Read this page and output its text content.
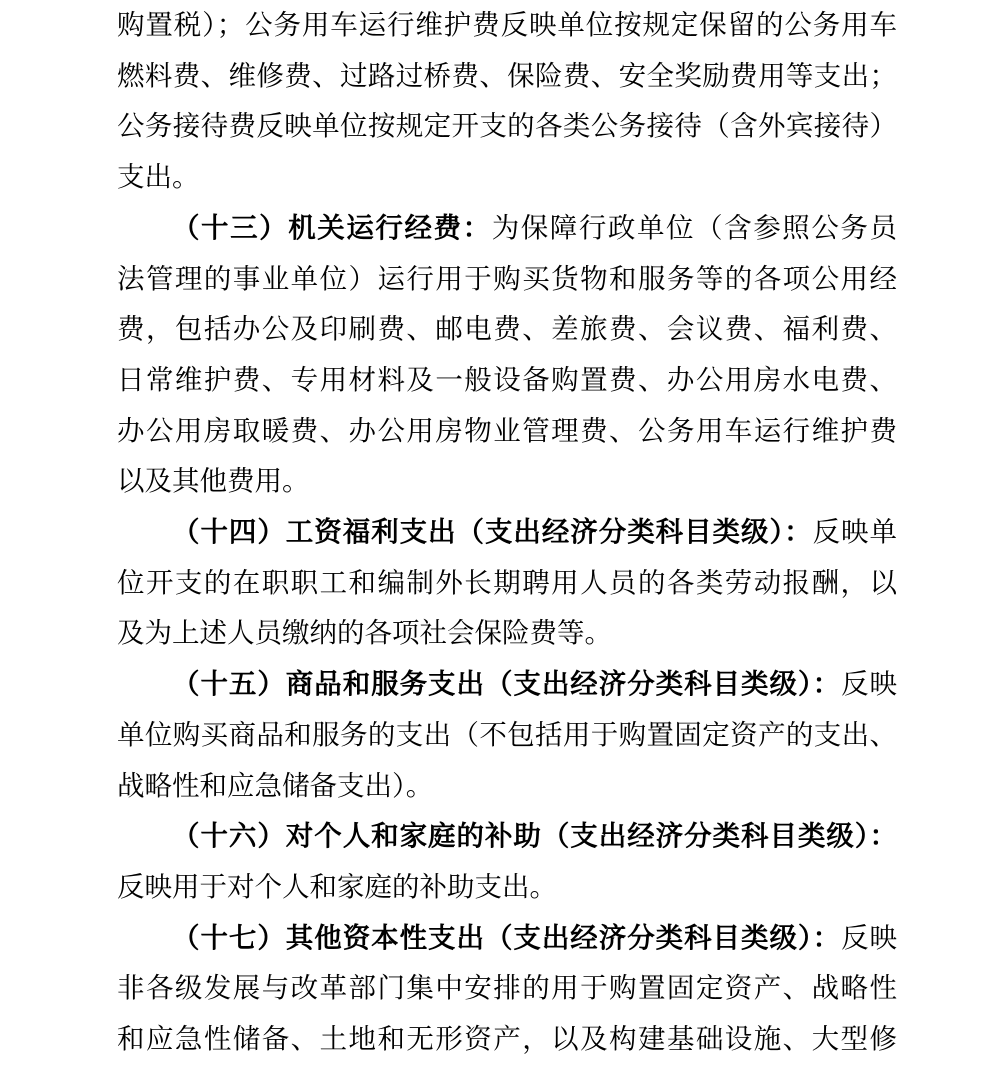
购置税）；公务用车运行维护费反映单位按规定保留的公务用车
燃料费、维修费、过路过桥费、保险费、安全奖励费用等支出；
公务接待费反映单位按规定开支的各类公务接待（含外宾接待）
支出。
（十三）机关运行经费：为保障行政单位（含参照公务员
法管理的事业单位）运行用于购买货物和服务等的各项公用经
费，包括办公及印刷费、邮电费、差旅费、会议费、福利费、
日常维护费、专用材料及一般设备购置费、办公用房水电费、
办公用房取暖费、办公用房物业管理费、公务用车运行维护费
以及其他费用。
（十四）工资福利支出（支出经济分类科目类级）：反映单
位开支的在职职工和编制外长期聘用人员的各类劳动报酬，以
及为上述人员缴纳的各项社会保险费等。
（十五）商品和服务支出（支出经济分类科目类级）：反映
单位购买商品和服务的支出（不包括用于购置固定资产的支出、
战略性和应急储备支出）。
（十六）对个人和家庭的补助（支出经济分类科目类级）：
反映用于对个人和家庭的补助支出。
（十七）其他资本性支出（支出经济分类科目类级）：反映
非各级发展与改革部门集中安排的用于购置固定资产、战略性
和应急性储备、土地和无形资产，以及构建基础设施、大型修
